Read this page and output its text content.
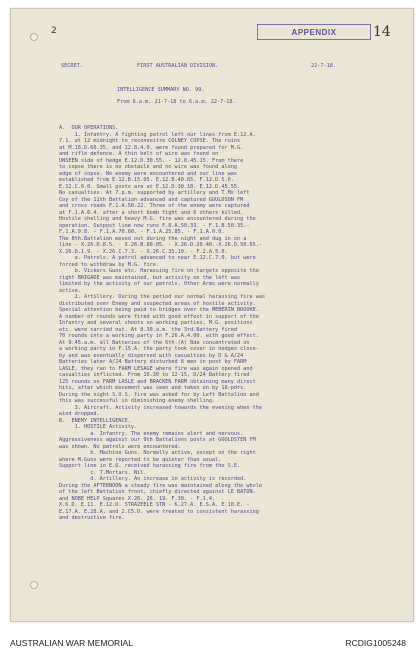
2	APPENDIX	14
SECRET.	FIRST AUSTRALIAN DIVISION.	22-7-18.
INTELLIGENCE SUMMARY NO. 99.
From 6.a.m. 21-7-18 to 6.a.m. 22-7-18.
A.  OUR OPERATIONS.
1. Infantry. A fighting patrol left our lines from E.12.A.
7.1. at 12 midnight to reconnoitre COLNEY COPSE. The ruins
at M.18.D.60.35. and 12.8.4.0. were found prepared for M.G.
and rifle defence. A thin belt of wire was found on
UNSEEN side of hedge E.12.D.30.55. - 12.8.45.15. From there
to copse there is no obstacle and no wire was found along
edge of copse. No enemy were encountered and our line was
established from E.12.B.15.05. E.12.B.40.65. F.12.D.5.0.
E.12.C.0.0. Small posts are at E.12.D.30.10. E.12.D.45.55.
No casualties. At 7.p.m. supported by artillery and T.Ms left
Coy of the 11th Battalion advanced and captured GOULDSON FM
and cross roads F.1.A.50.22. Three of the enemy were captured
at F.1.A.6.4. after a short bomb fight and 6 others killed.
Hostile shelling and heavy M.G. fire was encountered during the
operation. Outpost line now runs F.8.A.50.33. - F.1.B.50.35.-
F.1.A.9.8. - F.1.A.70.60. - F.1.A.25.85. - F.1.A.0.0.
The 8th.Battalion moved out during the night and dug in on a
line - X.26.D.8.5. - X.26.B.80.05. - X.26.D.20.40.-X.26.D.50.65.-
X.26.D.1.9. - X.26.C.7.3. - X.26.C.35.10. - F.2.A.5.0.
a. Patrols. A patrol advanced to near E.12.C.7.0. but were
forced to withdraw by M.G. fire.
b. Vickers Guns etc. Harassing fire on targets opposite the
right BRIGADE was maintained, but activity on the left was
limited by the activity of our patrols. Other Arms were normally
active.
2. Artillery. During the period our normal harassing fire was
distributed over Enemy and suspected areas of hostile activity.
Special attention being paid to bridges over the MEBERIN BROOKE.
A number of rounds were fired with good effect in support of the
Infantry and several shoots on working parties, M.G. positions
etc. were carried out. At 8.30.a.m. the 3rd.Battery fired
70 rounds into a working party in F.26.A.4.00. with good effect.
At 9.45.a.m. all Batteries of the 6th.(A) Bde concentrated on
a working party in F.15.A. the party took cover in hedges close-
by and was eventually dispersed with casualties by D & A/24
Batteries later A/24 Battery disturbed 8 men in post by FARM
LASLE, they ran to FARM LESAGE where fire was again opened and
casualties inflicted. From 10.30 to 12-15, D/24 Battery fired
125 rounds on FARM LASLE and BRACKEN FARM obtaining many direct
hits, after which movement was seen and taken on by 18-pdrs.
During the night S.O.S. fire was asked for by Left Battalion and
this was successful in diminishing enemy shelling.
3. Aircraft. Activity increased towards the evening when the
wind dropped.
B.  ENEMY INTELLIGENCE.
1. HOSTILE Activity.
a. Infantry. The enemy remains alert and nervous.
Aggressiveness against our 9th Battalions posts at GOULDSTEN FM
was shown. No patrols were encountered.
b. Machine Guns. Normally active, except on the right
where M.Guns were reported to be quieter than usual.
Support line in E.6. received harassing fire from the S.E.
c. T.Mortars. Nil.
d. Artillery. An increase in activity is recorded.
During the AFTERNOON a steady fire was maintained along the whole
of the left Battalion front, chiefly directed against LE BATON.
and NOBE HELP Squares X.26. 26. 19. F.30. - F.1.4.
X.6.D. E.11. E.12.D. STRAZEELE STN - K.27.A. E.S.A. E.10.E. -
E.17.A. E.28.A. and 2.C5.D. were treated to consistent harassing
and destructive fire.
AUSTRALIAN WAR MEMORIAL	RCDIG1005248
